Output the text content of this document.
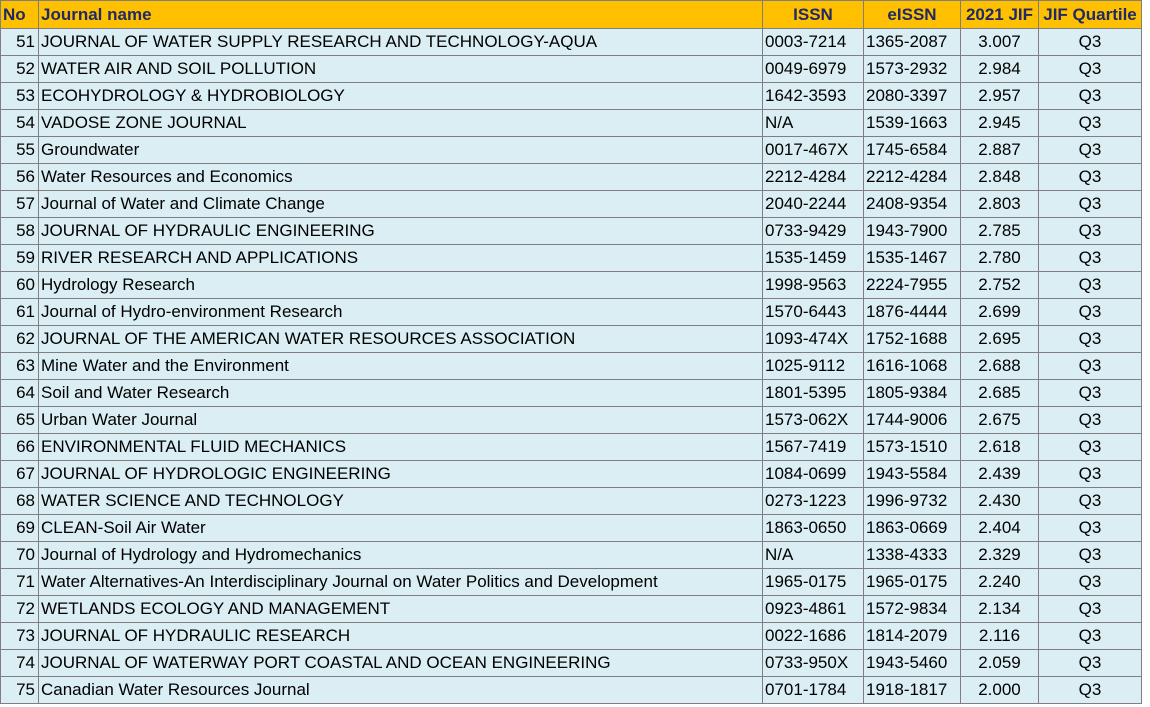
No	Journal name	ISSN	eISSN	2021 JIF	JIF Quartile
51	JOURNAL OF WATER SUPPLY RESEARCH AND TECHNOLOGY-AQUA	0003-7214	1365-2087	3.007	Q3
52	WATER AIR AND SOIL POLLUTION	0049-6979	1573-2932	2.984	Q3
53	ECOHYDROLOGY & HYDROBIOLOGY	1642-3593	2080-3397	2.957	Q3
54	VADOSE ZONE JOURNAL	N/A	1539-1663	2.945	Q3
55	Groundwater	0017-467X	1745-6584	2.887	Q3
56	Water Resources and Economics	2212-4284	2212-4284	2.848	Q3
57	Journal of Water and Climate Change	2040-2244	2408-9354	2.803	Q3
58	JOURNAL OF HYDRAULIC ENGINEERING	0733-9429	1943-7900	2.785	Q3
59	RIVER RESEARCH AND APPLICATIONS	1535-1459	1535-1467	2.780	Q3
60	Hydrology Research	1998-9563	2224-7955	2.752	Q3
61	Journal of Hydro-environment Research	1570-6443	1876-4444	2.699	Q3
62	JOURNAL OF THE AMERICAN WATER RESOURCES ASSOCIATION	1093-474X	1752-1688	2.695	Q3
63	Mine Water and the Environment	1025-9112	1616-1068	2.688	Q3
64	Soil and Water Research	1801-5395	1805-9384	2.685	Q3
65	Urban Water Journal	1573-062X	1744-9006	2.675	Q3
66	ENVIRONMENTAL FLUID MECHANICS	1567-7419	1573-1510	2.618	Q3
67	JOURNAL OF HYDROLOGIC ENGINEERING	1084-0699	1943-5584	2.439	Q3
68	WATER SCIENCE AND TECHNOLOGY	0273-1223	1996-9732	2.430	Q3
69	CLEAN-Soil Air Water	1863-0650	1863-0669	2.404	Q3
70	Journal of Hydrology and Hydromechanics	N/A	1338-4333	2.329	Q3
71	Water Alternatives-An Interdisciplinary Journal on Water Politics and Development	1965-0175	1965-0175	2.240	Q3
72	WETLANDS ECOLOGY AND MANAGEMENT	0923-4861	1572-9834	2.134	Q3
73	JOURNAL OF HYDRAULIC RESEARCH	0022-1686	1814-2079	2.116	Q3
74	JOURNAL OF WATERWAY PORT COASTAL AND OCEAN ENGINEERING	0733-950X	1943-5460	2.059	Q3
75	Canadian Water Resources Journal	0701-1784	1918-1817	2.000	Q3
